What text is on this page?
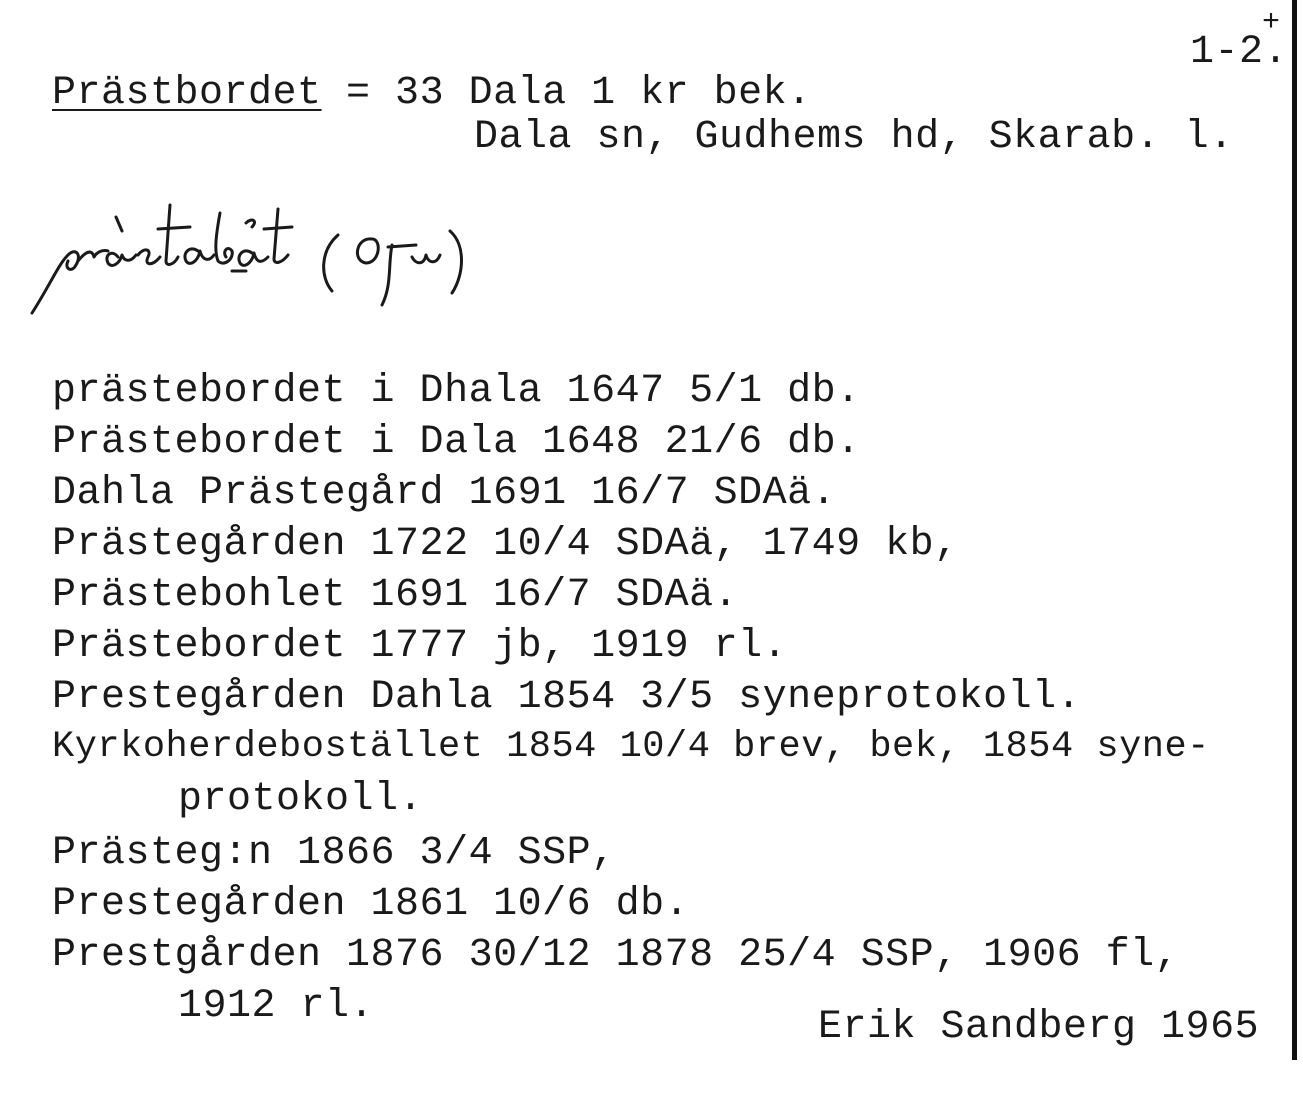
1-2.
+
Prästbordet = 33 Dala 1 kr bek.
Dala sn, Gudhems hd, Skarab. l.
prästebordet i Dhala 1647 5/1 db.
Prästebordet i Dala 1648 21/6 db.
Dahla Prästegård 1691 16/7 SDAä.
Prästegården 1722 10/4 SDAä, 1749 kb,
Prästebohlet 1691 16/7 SDAä.
Prästebordet 1777 jb, 1919 rl.
Prestegården Dahla 1854 3/5 syneprotokoll.
Kyrkoherdebostället 1854 10/4 brev, bek, 1854 syne-
protokoll.
Prästeg:n 1866 3/4 SSP,
Prestegården 1861 10/6 db.
Prestgården 1876 30/12 1878 25/4 SSP, 1906 fl,
1912 rl.	Erik Sandberg 1965
